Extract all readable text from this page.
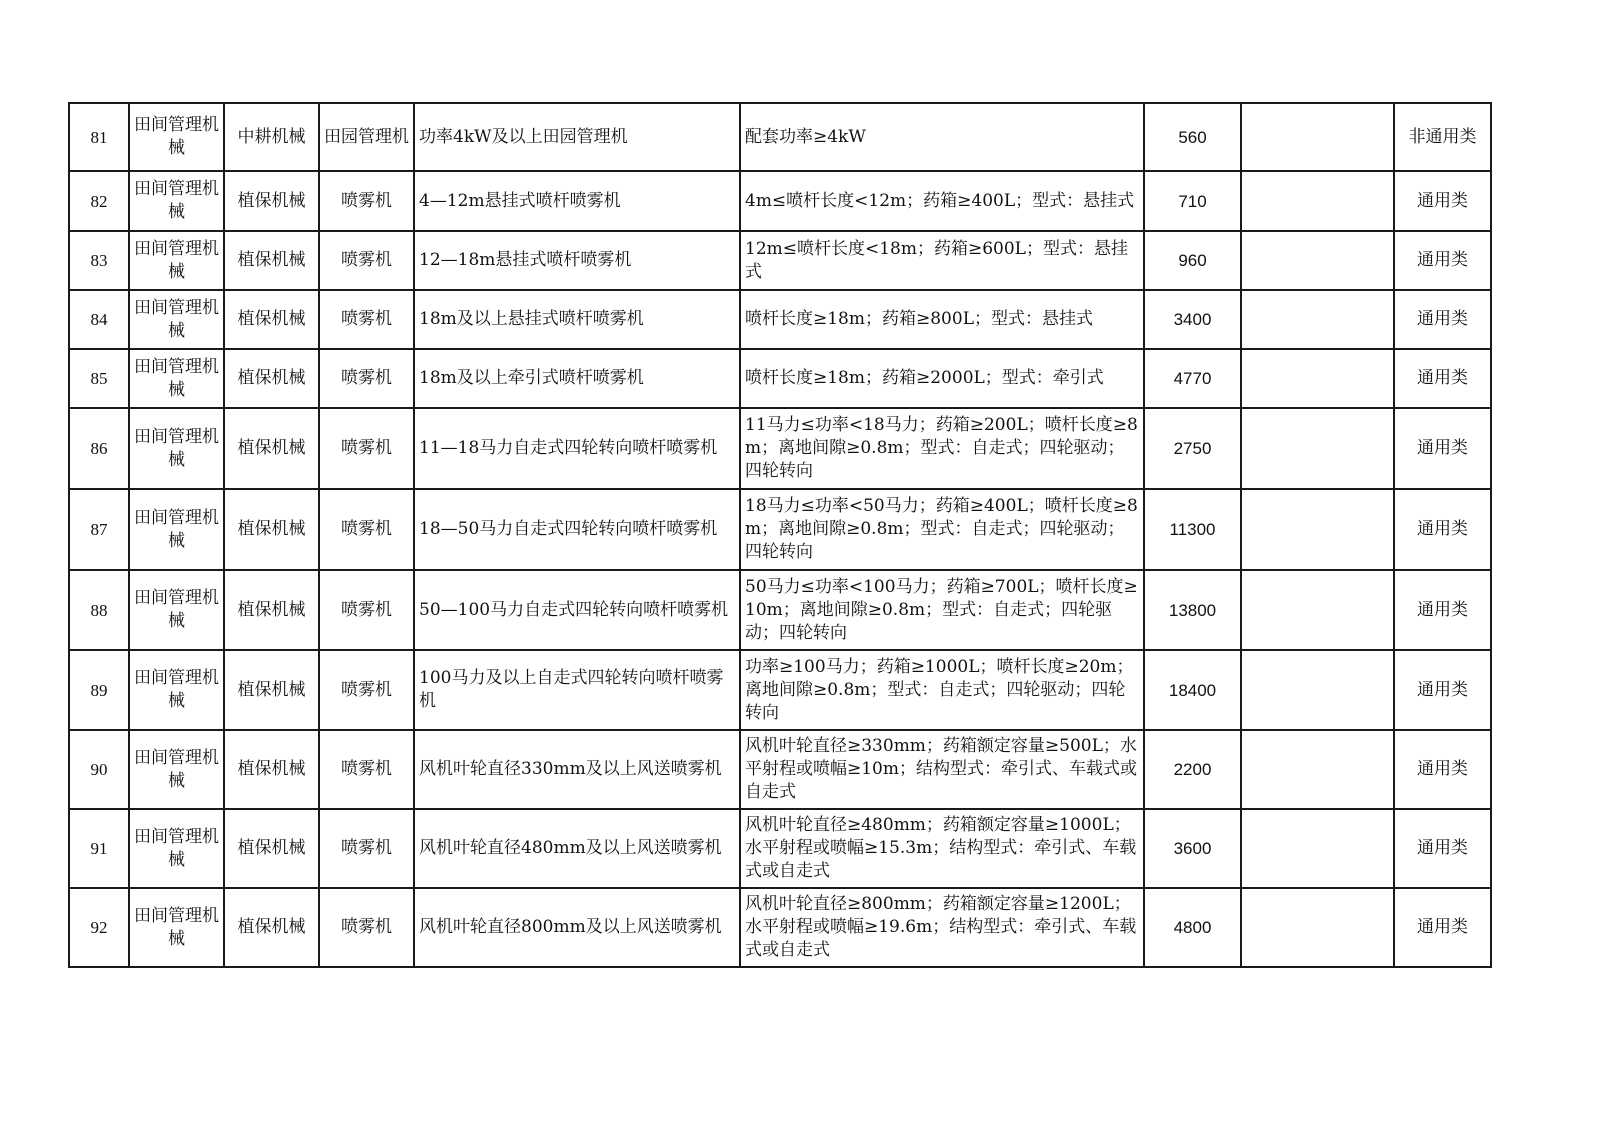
81	田间管理机械	中耕机械	田园管理机	功率4kW及以上田园管理机	配套功率≥4kW	560		非通用类
82	田间管理机械	植保机械	喷雾机	4—12m悬挂式喷杆喷雾机	4m≤喷杆长度<12m；药箱≥400L；型式：悬挂式	710		通用类
83	田间管理机械	植保机械	喷雾机	12—18m悬挂式喷杆喷雾机	12m≤喷杆长度<18m；药箱≥600L；型式：悬挂式	960		通用类
84	田间管理机械	植保机械	喷雾机	18m及以上悬挂式喷杆喷雾机	喷杆长度≥18m；药箱≥800L；型式：悬挂式	3400		通用类
85	田间管理机械	植保机械	喷雾机	18m及以上牵引式喷杆喷雾机	喷杆长度≥18m；药箱≥2000L；型式：牵引式	4770		通用类
86	田间管理机械	植保机械	喷雾机	11—18马力自走式四轮转向喷杆喷雾机	11马力≤功率<18马力；药箱≥200L；喷杆长度≥8m；离地间隙≥0.8m；型式：自走式；四轮驱动；四轮转向	2750		通用类
87	田间管理机械	植保机械	喷雾机	18—50马力自走式四轮转向喷杆喷雾机	18马力≤功率<50马力；药箱≥400L；喷杆长度≥8m；离地间隙≥0.8m；型式：自走式；四轮驱动；四轮转向	11300		通用类
88	田间管理机械	植保机械	喷雾机	50—100马力自走式四轮转向喷杆喷雾机	50马力≤功率<100马力；药箱≥700L；喷杆长度≥10m；离地间隙≥0.8m；型式：自走式；四轮驱动；四轮转向	13800		通用类
89	田间管理机械	植保机械	喷雾机	100马力及以上自走式四轮转向喷杆喷雾机	功率≥100马力；药箱≥1000L；喷杆长度≥20m；离地间隙≥0.8m；型式：自走式；四轮驱动；四轮转向	18400		通用类
90	田间管理机械	植保机械	喷雾机	风机叶轮直径330mm及以上风送喷雾机	风机叶轮直径≥330mm；药箱额定容量≥500L；水平射程或喷幅≥10m；结构型式：牵引式、车载式或自走式	2200		通用类
91	田间管理机械	植保机械	喷雾机	风机叶轮直径480mm及以上风送喷雾机	风机叶轮直径≥480mm；药箱额定容量≥1000L；水平射程或喷幅≥15.3m；结构型式：牵引式、车载式或自走式	3600		通用类
92	田间管理机械	植保机械	喷雾机	风机叶轮直径800mm及以上风送喷雾机	风机叶轮直径≥800mm；药箱额定容量≥1200L；水平射程或喷幅≥19.6m；结构型式：牵引式、车载式或自走式	4800		通用类
